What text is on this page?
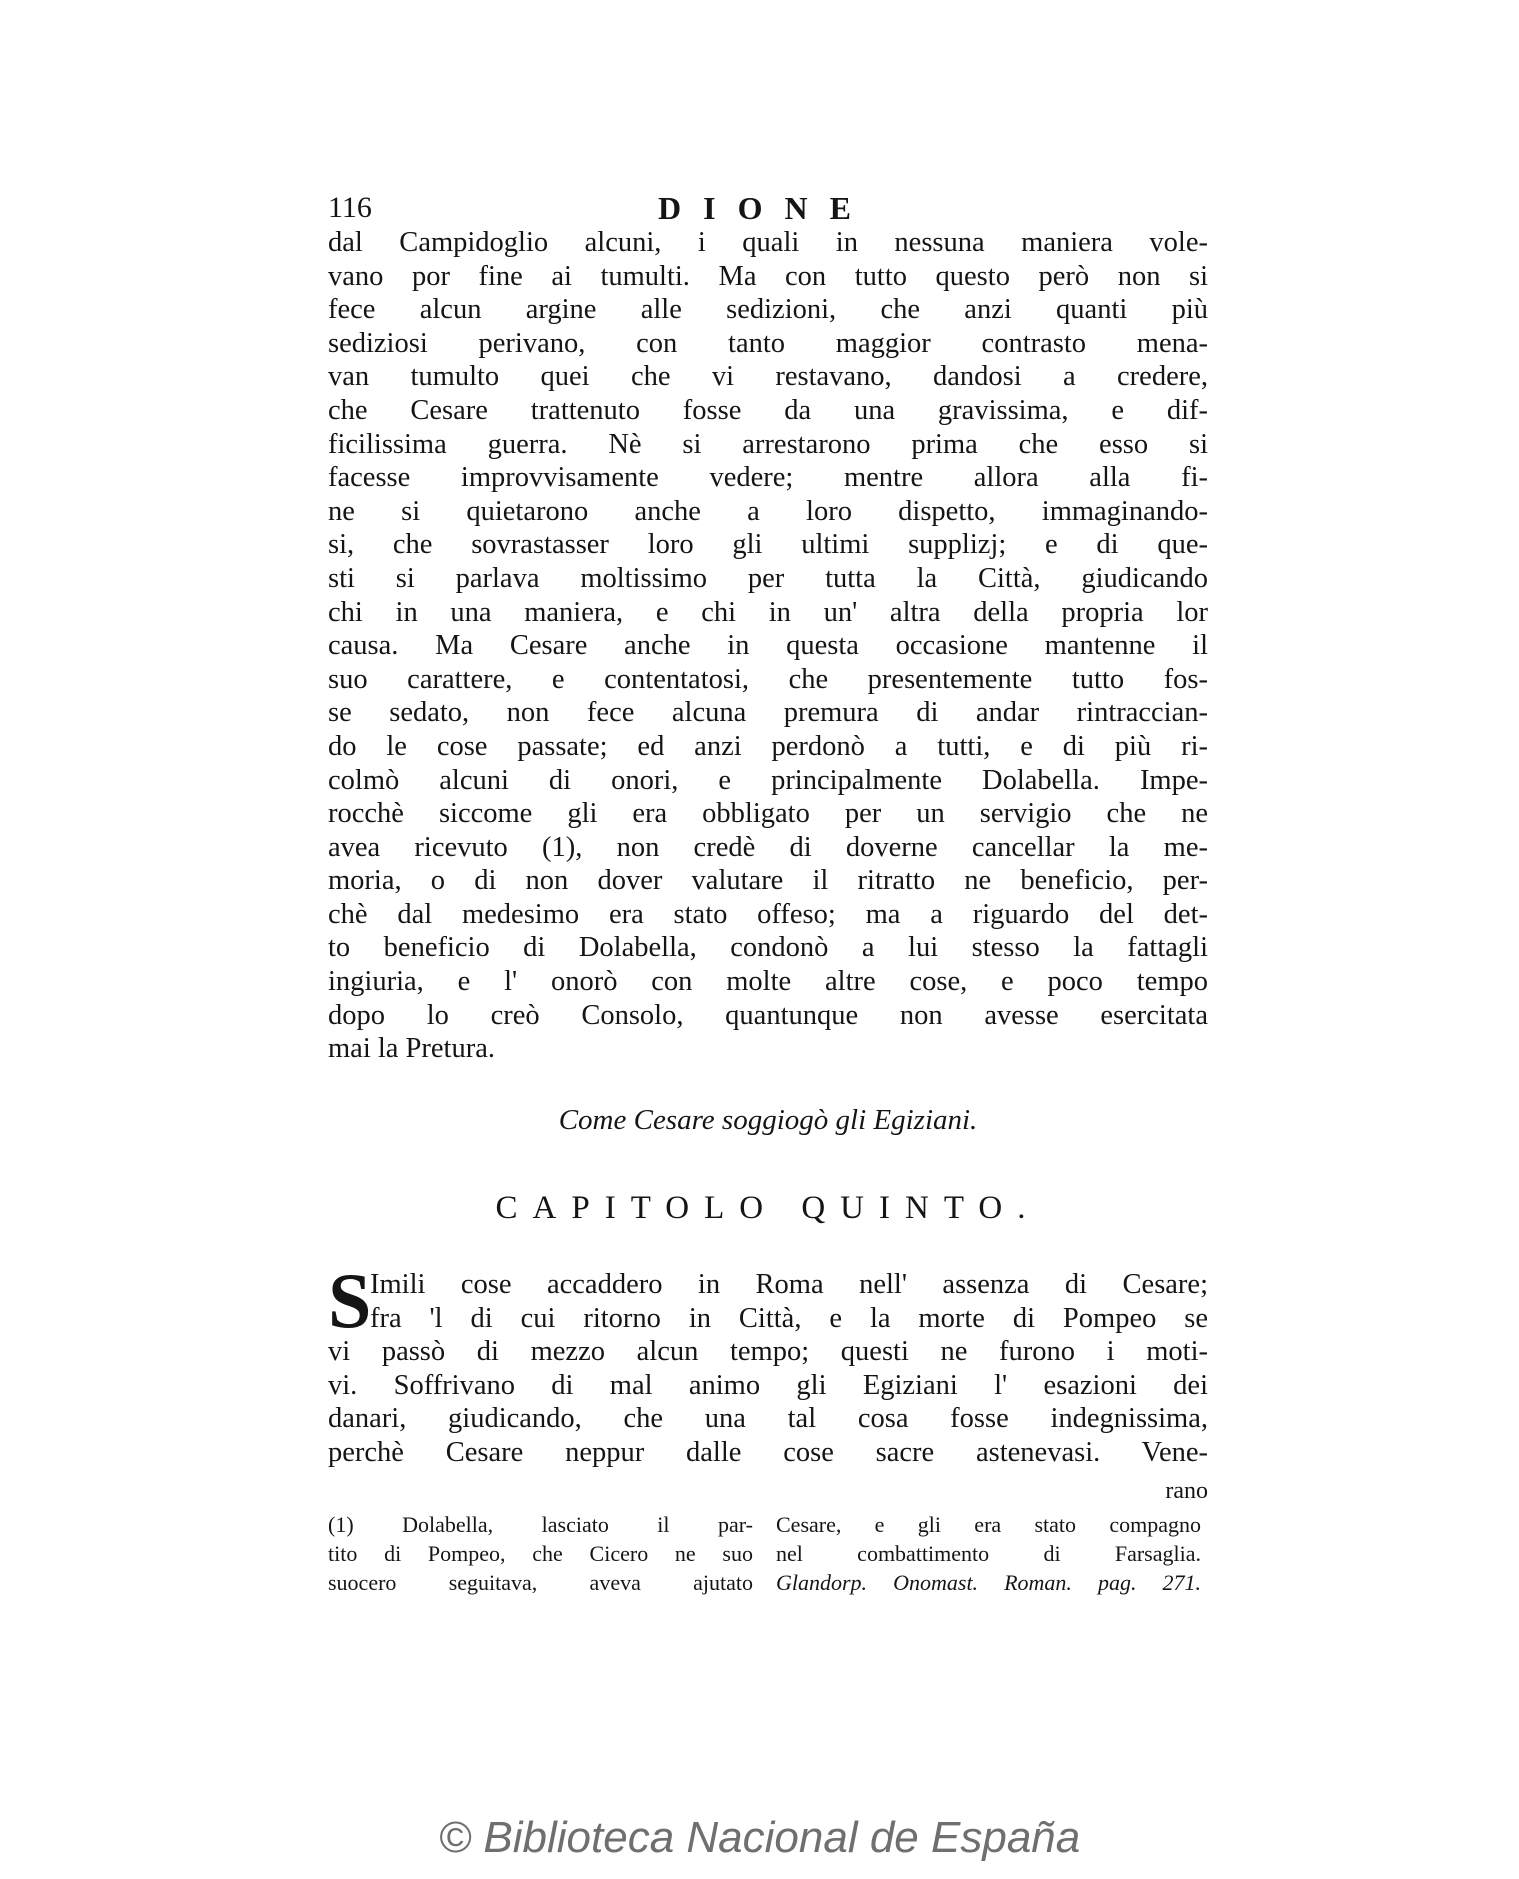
116	DIONE
dal Campidoglio alcuni, i quali in nessuna maniera vole-
vano por fine ai tumulti. Ma con tutto questo però non si
fece alcun argine alle sedizioni, che anzi quanti più
sediziosi perivano, con tanto maggior contrasto mena-
van tumulto quei che vi restavano, dandosi a credere,
che Cesare trattenuto fosse da una gravissima, e dif-
ficilissima guerra. Nè si arrestarono prima che esso si
facesse improvvisamente vedere; mentre allora alla fi-
ne si quietarono anche a loro dispetto, immaginando-
si, che sovrastasser loro gli ultimi supplizj; e di que-
sti si parlava moltissimo per tutta la Città, giudicando
chi in una maniera, e chi in un' altra della propria lor
causa. Ma Cesare anche in questa occasione mantenne il
suo carattere, e contentatosi, che presentemente tutto fos-
se sedato, non fece alcuna premura di andar rintraccian-
do le cose passate; ed anzi perdonò a tutti, e di più ri-
colmò alcuni di onori, e principalmente Dolabella. Impe-
rocchè siccome gli era obbligato per un servigio che ne
avea ricevuto (1), non credè di doverne cancellar la me-
moria, o di non dover valutare il ritratto ne beneficio, per-
chè dal medesimo era stato offeso; ma a riguardo del det-
to beneficio di Dolabella, condonò a lui stesso la fattagli
ingiuria, e l' onorò con molte altre cose, e poco tempo
dopo lo creò Consolo, quantunque non avesse esercitata
mai la Pretura.
Come Cesare soggiogò gli Egiziani.
CAPITOLO QUINTO.
S
Imili cose accaddero in Roma nell' assenza di Cesare;
fra 'l di cui ritorno in Città, e la morte di Pompeo se
vi passò di mezzo alcun tempo; questi ne furono i moti-
vi. Soffrivano di mal animo gli Egiziani l' esazioni dei
danari, giudicando, che una tal cosa fosse indegnissima,
perchè Cesare neppur dalle cose sacre astenevasi. Vene-
rano
(1) Dolabella, lasciato il par-
tito di Pompeo, che Cicero ne suo
suocero seguitava, aveva ajutato
Cesare, e gli era stato compagno
nel combattimento di Farsaglia.
Glandorp. Onomast. Roman. pag. 271.
© Biblioteca Nacional de España
